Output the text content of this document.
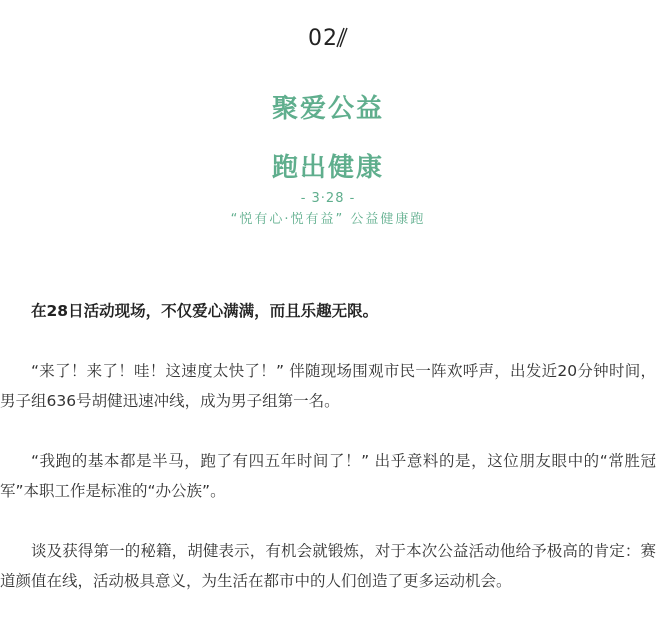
02
聚爱公益
跑出健康
- 3·28 -
“悦有心·悦有益” 公益健康跑

在28日活动现场，不仅爱心满满，而且乐趣无限。

“来了！来了！哇！这速度太快了！” 伴随现场围观市民一阵欢呼声，出发近20分钟时间，男子组636号胡健迅速冲线，成为男子组第一名。

“我跑的基本都是半马，跑了有四五年时间了！” 出乎意料的是，这位朋友眼中的“常胜冠军”本职工作是标准的“办公族”。

谈及获得第一的秘籍，胡健表示，有机会就锻炼，对于本次公益活动他给予极高的肯定：赛道颜值在线，活动极具意义，为生活在都市中的人们创造了更多运动机会。
